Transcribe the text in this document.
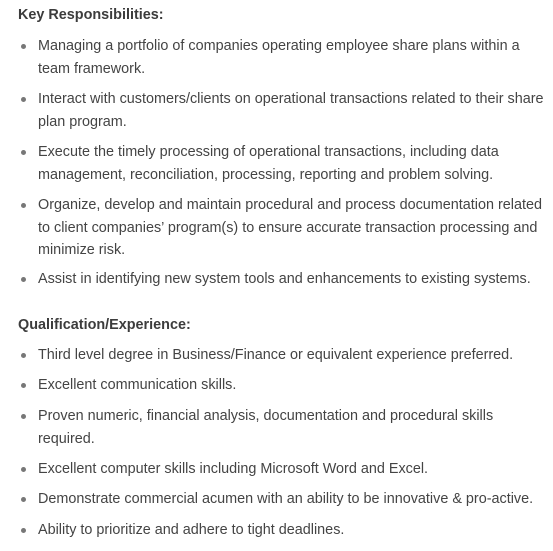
Key Responsibilities:
Managing a portfolio of companies operating employee share plans within a team framework.
Interact with customers/clients on operational transactions related to their share plan program.
Execute the timely processing of operational transactions, including data management, reconciliation, processing, reporting and problem solving.
Organize, develop and maintain procedural and process documentation related to client companies’ program(s) to ensure accurate transaction processing and minimize risk.
Assist in identifying new system tools and enhancements to existing systems.
Qualification/Experience:
Third level degree in Business/Finance or equivalent experience preferred.
Excellent communication skills.
Proven numeric, financial analysis, documentation and procedural skills required.
Excellent computer skills including Microsoft Word and Excel.
Demonstrate commercial acumen with an ability to be innovative & pro-active.
Ability to prioritize and adhere to tight deadlines.
